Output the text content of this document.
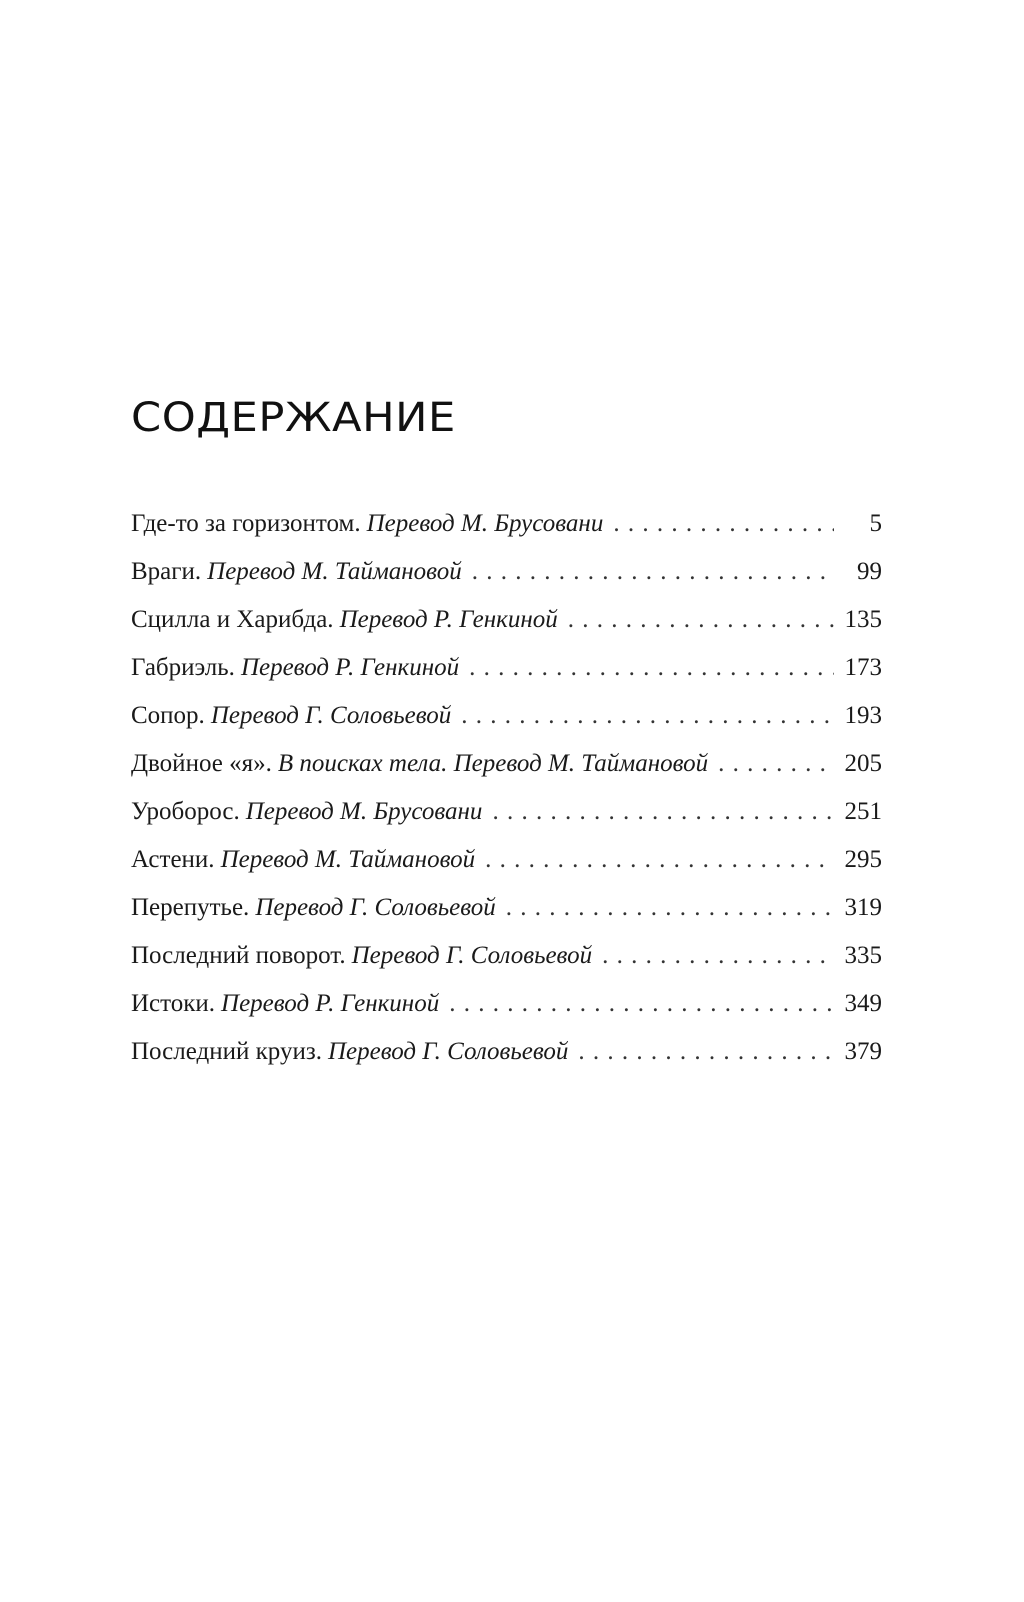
СОДЕРЖАНИЕ
Где-то за горизонтом. Перевод М. Брусовани . . .	5
Враги. Перевод М. Таймановой . . .	99
Сцилла и Харибда. Перевод Р. Генкиной . . .	135
Габриэль. Перевод Р. Генкиной . . .	173
Сопор. Перевод Г. Соловьевой . . .	193
Двойное «я». В поисках тела. Перевод М. Таймановой . . .	205
Уроборос. Перевод М. Брусовани . . .	251
Астени. Перевод М. Таймановой . . .	295
Перепутье. Перевод Г. Соловьевой . . .	319
Последний поворот. Перевод Г. Соловьевой . . .	335
Истоки. Перевод Р. Генкиной . . .	349
Последний круиз. Перевод Г. Соловьевой . . .	379
